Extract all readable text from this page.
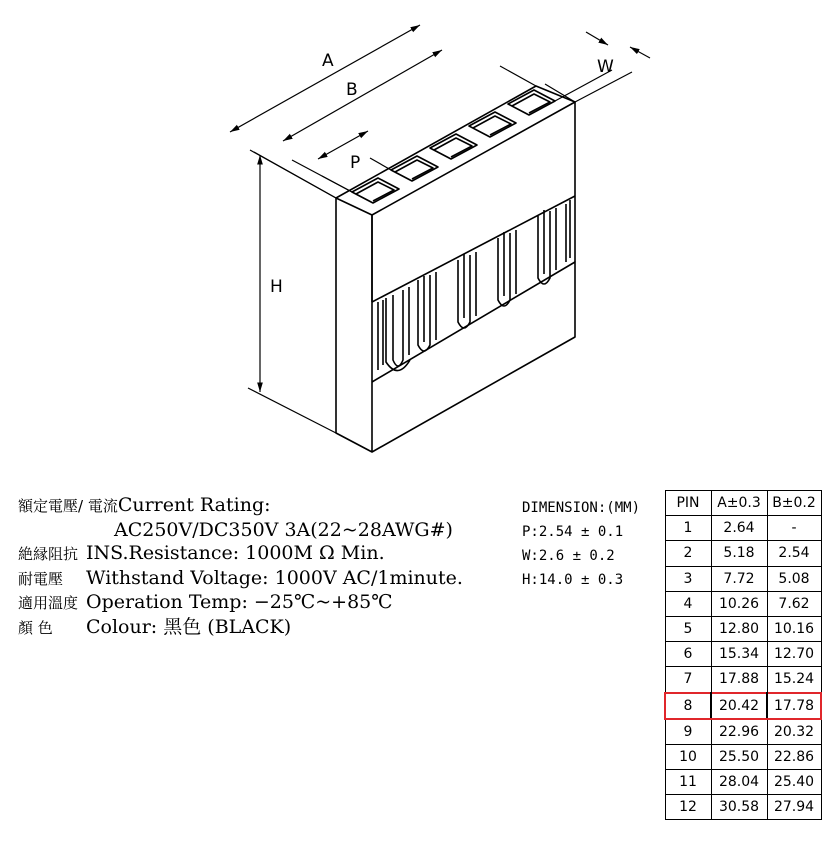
A
B
P
W
H
額定電壓/ 電流Current Rating:
AC250V/DC350V 3A(22~28AWG#)
絶縁阻抗 INS.Resistance: 1000M Ω Min.
耐電壓 Withstand Voltage: 1000V AC/1minute.
適用溫度 Operation Temp: −25℃~+85℃
顏 色 Colour: 黑色 (BLACK)
DIMENSION:(MM)
P:2.54 ± 0.1
W:2.6 ± 0.2
H:14.0 ± 0.3
PIN	A±0.3	B±0.2
1	2.64	-
2	5.18	2.54
3	7.72	5.08
4	10.26	7.62
5	12.80	10.16
6	15.34	12.70
7	17.88	15.24
8	20.42	17.78
9	22.96	20.32
10	25.50	22.86
11	28.04	25.40
12	30.58	27.94
